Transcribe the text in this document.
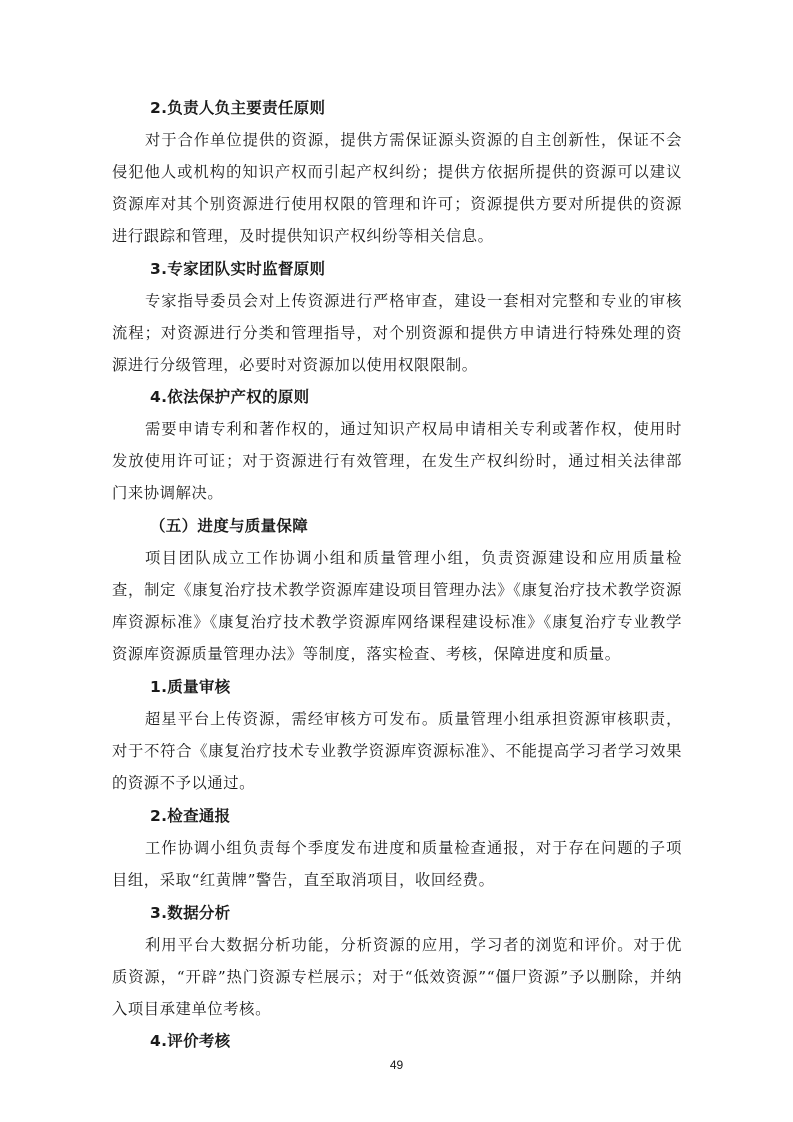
2.负责人负主要责任原则

对于合作单位提供的资源，提供方需保证源头资源的自主创新性，保证不会侵犯他人或机构的知识产权而引起产权纠纷；提供方依据所提供的资源可以建议资源库对其个别资源进行使用权限的管理和许可；资源提供方要对所提供的资源进行跟踪和管理，及时提供知识产权纠纷等相关信息。

3.专家团队实时监督原则

专家指导委员会对上传资源进行严格审查，建设一套相对完整和专业的审核流程；对资源进行分类和管理指导，对个别资源和提供方申请进行特殊处理的资源进行分级管理，必要时对资源加以使用权限限制。

4.依法保护产权的原则

需要申请专利和著作权的，通过知识产权局申请相关专利或著作权，使用时发放使用许可证；对于资源进行有效管理，在发生产权纠纷时，通过相关法律部门来协调解决。

（五）进度与质量保障

项目团队成立工作协调小组和质量管理小组，负责资源建设和应用质量检查，制定《康复治疗技术教学资源库建设项目管理办法》《康复治疗技术教学资源库资源标准》《康复治疗技术教学资源库网络课程建设标准》《康复治疗专业教学资源库资源质量管理办法》等制度，落实检查、考核，保障进度和质量。

1.质量审核

超星平台上传资源，需经审核方可发布。质量管理小组承担资源审核职责，对于不符合《康复治疗技术专业教学资源库资源标准》、不能提高学习者学习效果的资源不予以通过。

2.检查通报

工作协调小组负责每个季度发布进度和质量检查通报，对于存在问题的子项目组，采取“红黄牌”警告，直至取消项目，收回经费。

3.数据分析

利用平台大数据分析功能，分析资源的应用，学习者的浏览和评价。对于优质资源，“开辟”热门资源专栏展示；对于“低效资源”“僵尸资源”予以删除，并纳入项目承建单位考核。

4.评价考核
49
